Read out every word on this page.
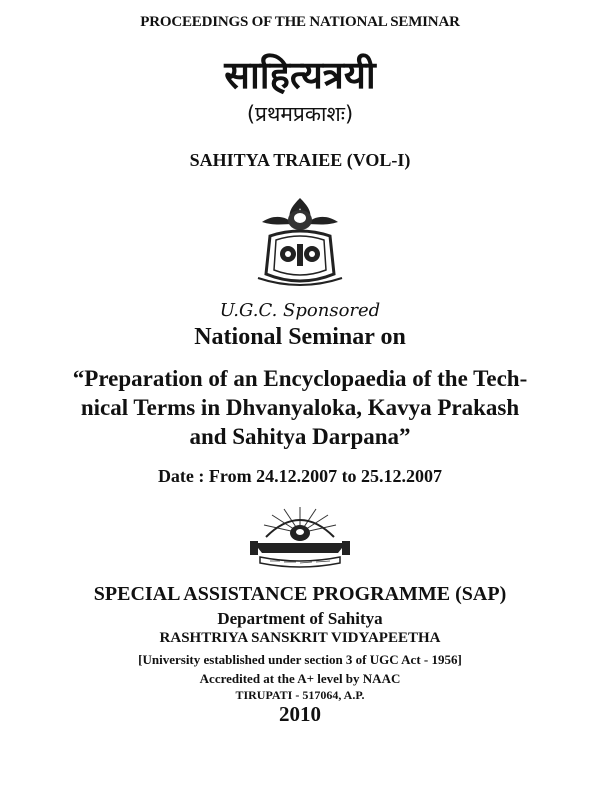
PROCEEDINGS OF THE NATIONAL SEMINAR
साहित्यत्रयी
(प्रथमप्रकाशः)
SAHITYA TRAIEE (VOL-I)
U.G.C. Sponsored
National Seminar on
“Preparation of an Encyclopaedia of the Tech-
nical Terms in Dhvanyaloka, Kavya Prakash
and Sahitya Darpana”
Date : From 24.12.2007 to 25.12.2007
SPECIAL ASSISTANCE PROGRAMME (SAP)
Department of Sahitya
RASHTRIYA SANSKRIT VIDYAPEETHA
[University established under section 3 of UGC Act - 1956]
Accredited at the A+ level by NAAC
TIRUPATI - 517064, A.P.
2010
